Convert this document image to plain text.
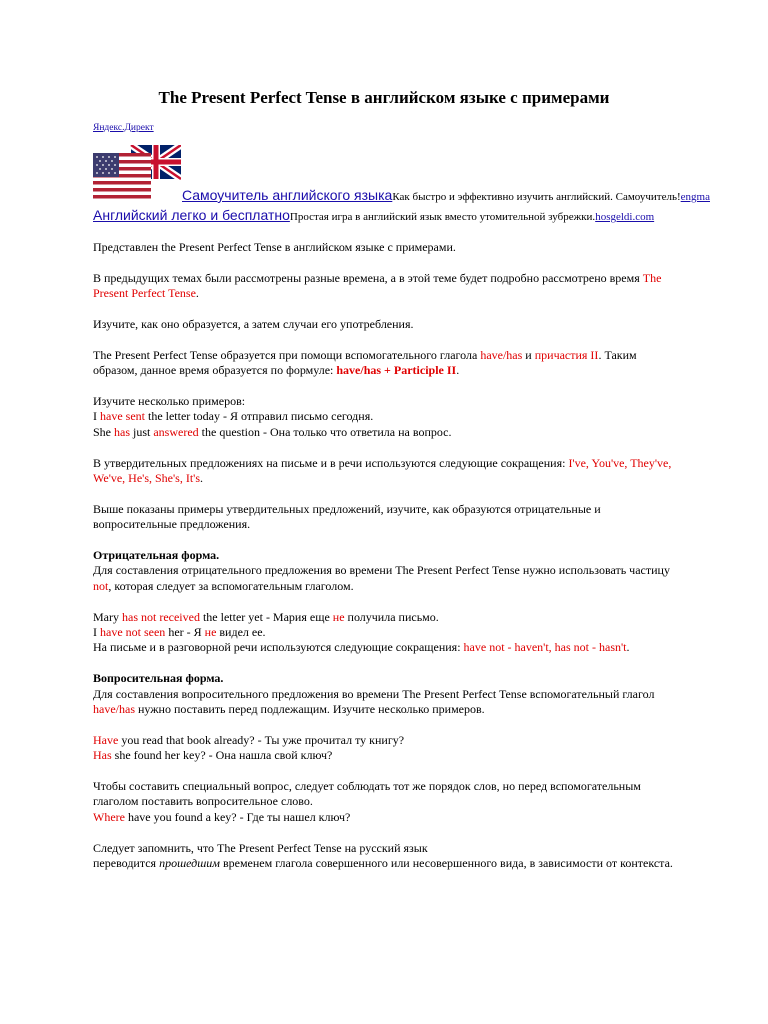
The Present Perfect Tense в английском языке с примерами
Яндекс.Директ
Самоучитель английского языкаКак быстро и эффективно изучить английский. Самоучитель!engma
Английский легко и бесплатноПростая игра в английский язык вместо утомительной зубрежки.hosgeldi.com

Представлен the Present Perfect Tense в английском языке с примерами.

В предыдущих темах были рассмотрены разные времена, а в этой теме будет подробно рассмотрено время The Present Perfect Tense.

Изучите, как оно образуется, а затем случаи его употребления.

The Present Perfect Tense образуется при помощи вспомогательного глагола have/has и причастия II. Таким образом, данное время образуется по формуле: have/has + Participle II.

Изучите несколько примеров:
I have sent the letter today - Я отправил письмо сегодня.
She has just answered the question - Она только что ответила на вопрос.

В утвердительных предложениях на письме и в речи используются следующие сокращения: I've, You've, They've, We've, He's, She's, It's.

Выше показаны примеры утвердительных предложений, изучите, как образуются отрицательные и вопросительные предложения.

Отрицательная форма.
Для составления отрицательного предложения во времени The Present Perfect Tense нужно использовать частицу not, которая следует за вспомогательным глаголом.

Mary has not received the letter yet - Мария еще не получила письмо.
I have not seen her - Я не видел ее.
На письме и в разговорной речи используются следующие сокращения: have not - haven't, has not - hasn't.

Вопросительная форма.
Для составления вопросительного предложения во времени The Present Perfect Tense вспомогательный глагол have/has нужно поставить перед подлежащим. Изучите несколько примеров.

Have you read that book already? - Ты уже прочитал ту книгу?
Has she found her key? - Она нашла свой ключ?

Чтобы составить специальный вопрос, следует соблюдать тот же порядок слов, но перед вспомогательным глаголом поставить вопросительное слово.
Where have you found a key? - Где ты нашел ключ?

Следует запомнить, что The Present Perfect Tense на русский язык
переводится прошедшим временем глагола совершенного или несовершенного вида, в зависимости от контекста.
